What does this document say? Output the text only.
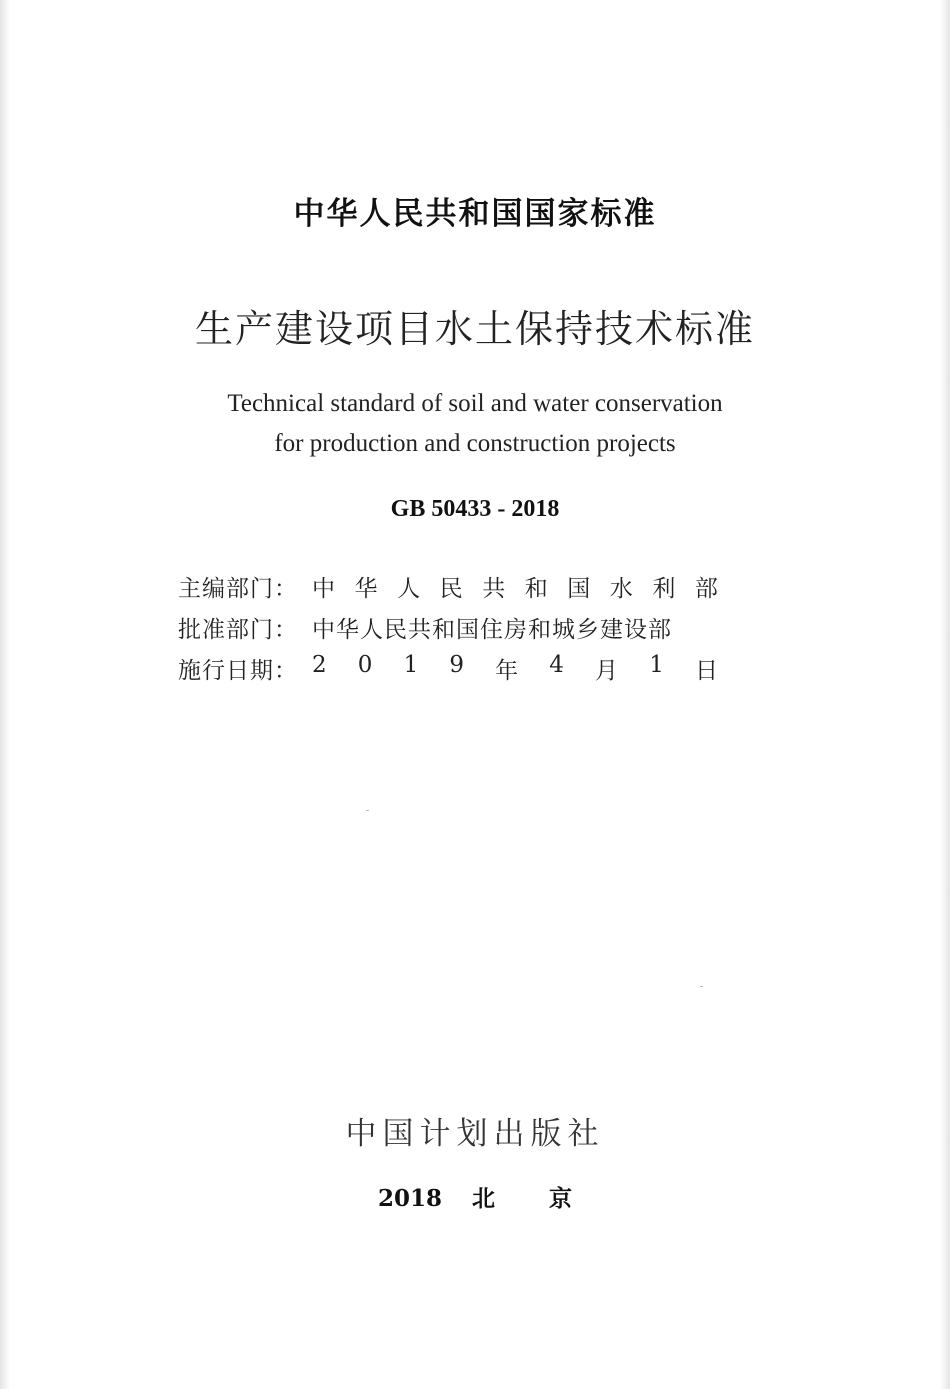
中华人民共和国国家标准
生产建设项目水土保持技术标准
Technical standard of soil and water conservation
for production and construction projects
GB 50433 - 2018
主编部门： 中 华 人 民 共 和 国 水 利 部
批准部门： 中华人民共和国住房和城乡建设部
施行日期： 2 0 1 9 年 4 月 1 日
中国计划出版社
2018 北京
